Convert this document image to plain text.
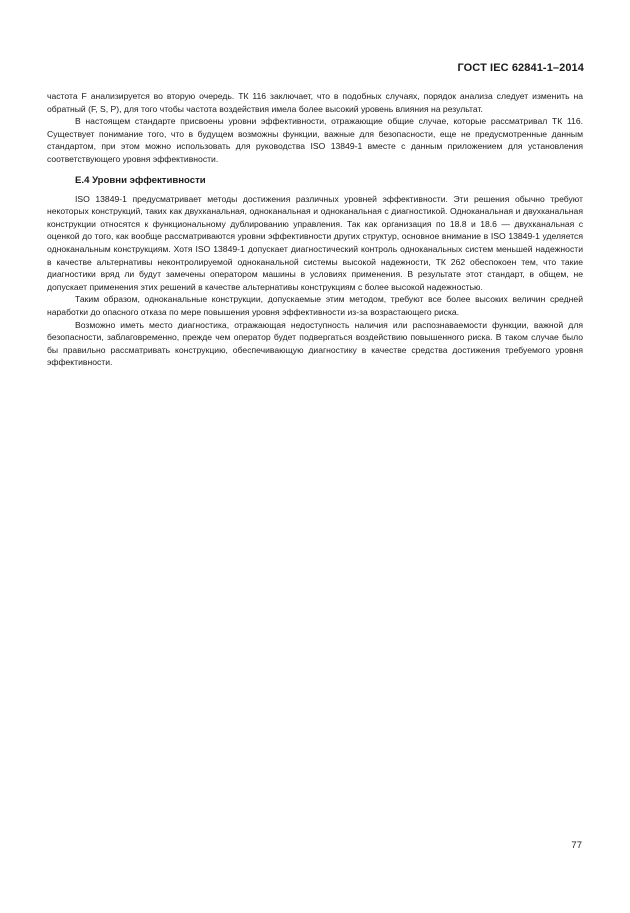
ГОСТ IEC 62841-1–2014

частота F анализируется во вторую очередь. ТК 116 заключает, что в подобных случаях, порядок анализа следует изменить на обратный (F, S, P), для того чтобы частота воздействия имела более высокий уровень влияния на результат.

В настоящем стандарте присвоены уровни эффективности, отражающие общие случае, которые рассматривал ТК 116. Существует понимание того, что в будущем возможны функции, важные для безопасности, еще не предусмотренные данным стандартом, при этом можно использовать для руководства ISO 13849-1 вместе с данным приложением для установления соответствующего уровня эффективности.

Е.4 Уровни эффективности

ISO 13849-1 предусматривает методы достижения различных уровней эффективности. Эти решения обычно требуют некоторых конструкций, таких как двухканальная, одноканальная и одноканальная с диагностикой. Одноканальная и двухканальная конструкции относятся к функциональному дублированию управления. Так как организация по 18.8 и 18.6 — двухканальная с оценкой до того, как вообще рассматриваются уровни эффективности других структур, основное внимание в ISO 13849-1 уделяется одноканальным конструкциям. Хотя ISO 13849-1 допускает диагностический контроль одноканальных систем меньшей надежности в качестве альтернативы неконтролируемой одноканальной системы высокой надежности, ТК 262 обеспокоен тем, что такие диагностики вряд ли будут замечены оператором машины в условиях применения. В результате этот стандарт, в общем, не допускает применения этих решений в качестве альтернативы конструкциям с более высокой надежностью.

Таким образом, одноканальные конструкции, допускаемые этим методом, требуют все более высоких величин средней наработки до опасного отказа по мере повышения уровня эффективности из-за возрастающего риска.

Возможно иметь место диагностика, отражающая недоступность наличия или распознаваемости функции, важной для безопасности, заблаговременно, прежде чем оператор будет подвергаться воздействию повышенного риска. В таком случае было бы правильно рассматривать конструкцию, обеспечивающую диагностику в качестве средства достижения требуемого уровня эффективности.

77
